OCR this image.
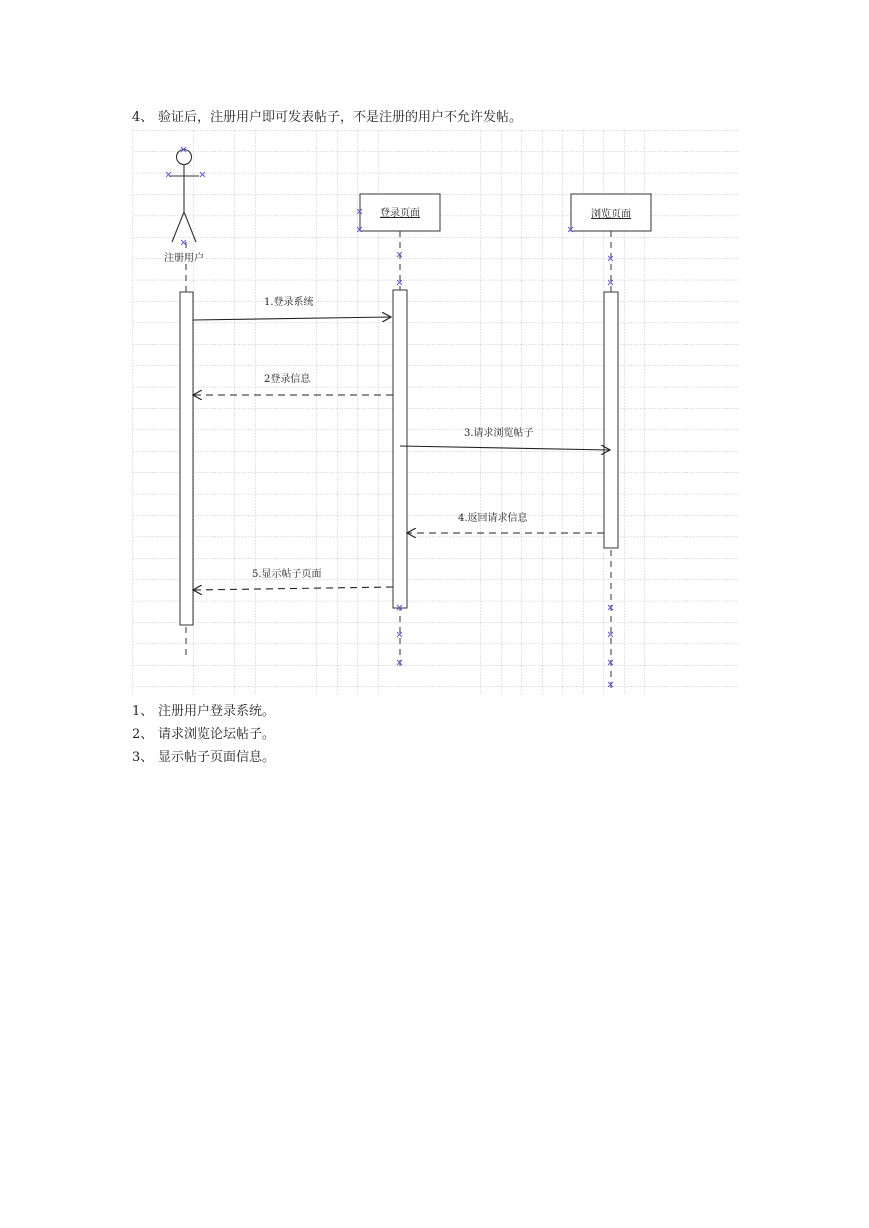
4、 验证后，注册用户即可发表帖子，不是注册的用户不允许发帖。
注册用户
登录页面	浏览页面
1.登录系统
2登录信息
3.请求浏览帖子
4.返回请求信息
5.显示帖子页面
1、 注册用户登录系统。
2、 请求浏览论坛帖子。
3、 显示帖子页面信息。
